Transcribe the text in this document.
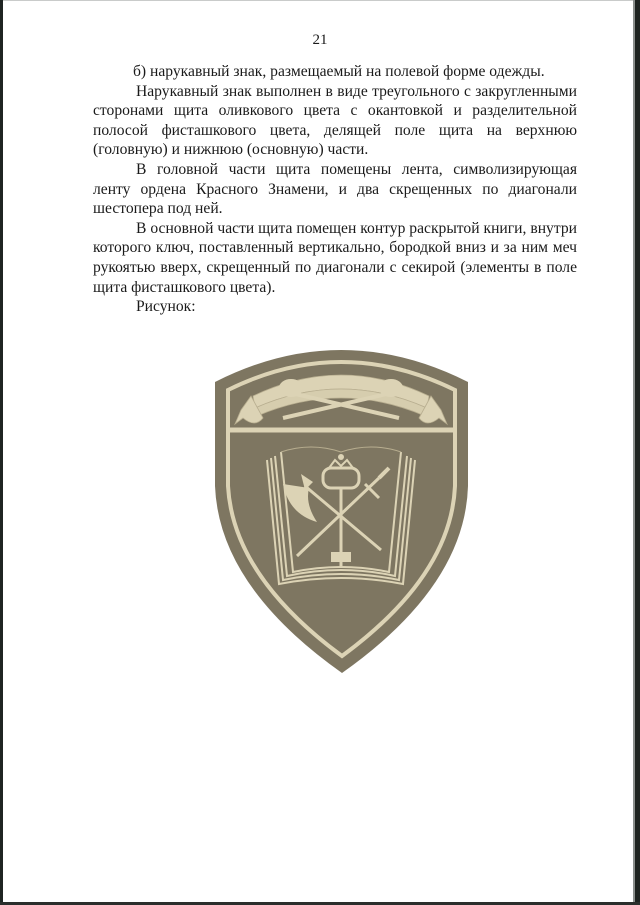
21

б) нарукавный знак, размещаемый на полевой форме одежды.

Нарукавный знак выполнен в виде треугольного с закругленными сторонами щита оливкового цвета с окантовкой и разделительной полосой фисташкового цвета, делящей поле щита на верхнюю (головную) и нижнюю (основную) части.

В головной части щита помещены лента, символизирующая ленту ордена Красного Знамени, и два скрещенных по диагонали шестопера под ней.

В основной части щита помещен контур раскрытой книги, внутри которого ключ, поставленный вертикально, бородкой вниз и за ним меч рукоятью вверх, скрещенный по диагонали с секирой (элементы в поле щита фисташкового цвета).

Рисунок:
